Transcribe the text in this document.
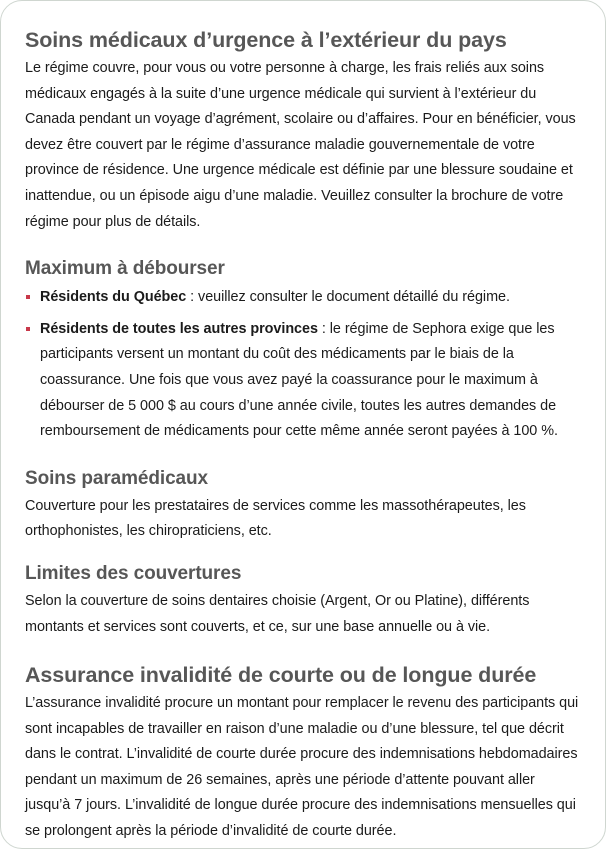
Soins médicaux d’urgence à l’extérieur du pays

Le régime couvre, pour vous ou votre personne à charge, les frais reliés aux soins médicaux engagés à la suite d’une urgence médicale qui survient à l’extérieur du Canada pendant un voyage d’agrément, scolaire ou d’affaires. Pour en bénéficier, vous devez être couvert par le régime d’assurance maladie gouvernementale de votre province de résidence. Une urgence médicale est définie par une blessure soudaine et inattendue, ou un épisode aigu d’une maladie. Veuillez consulter la brochure de votre régime pour plus de détails.

Maximum à débourser
Résidents du Québec : veuillez consulter le document détaillé du régime.
Résidents de toutes les autres provinces : le régime de Sephora exige que les participants versent un montant du coût des médicaments par le biais de la coassurance. Une fois que vous avez payé la coassurance pour le maximum à débourser de 5 000 $ au cours d’une année civile, toutes les autres demandes de remboursement de médicaments pour cette même année seront payées à 100 %.
Soins paramédicaux

Couverture pour les prestataires de services comme les massothérapeutes, les orthophonistes, les chiropraticiens, etc.

Limites des couvertures

Selon la couverture de soins dentaires choisie (Argent, Or ou Platine), différents montants et services sont couverts, et ce, sur une base annuelle ou à vie.

Assurance invalidité de courte ou de longue durée

L’assurance invalidité procure un montant pour remplacer le revenu des participants qui sont incapables de travailler en raison d’une maladie ou d’une blessure, tel que décrit dans le contrat. L’invalidité de courte durée procure des indemnisations hebdomadaires pendant un maximum de 26 semaines, après une période d’attente pouvant aller jusqu’à 7 jours. L’invalidité de longue durée procure des indemnisations mensuelles qui se prolongent après la période d’invalidité de courte durée.
